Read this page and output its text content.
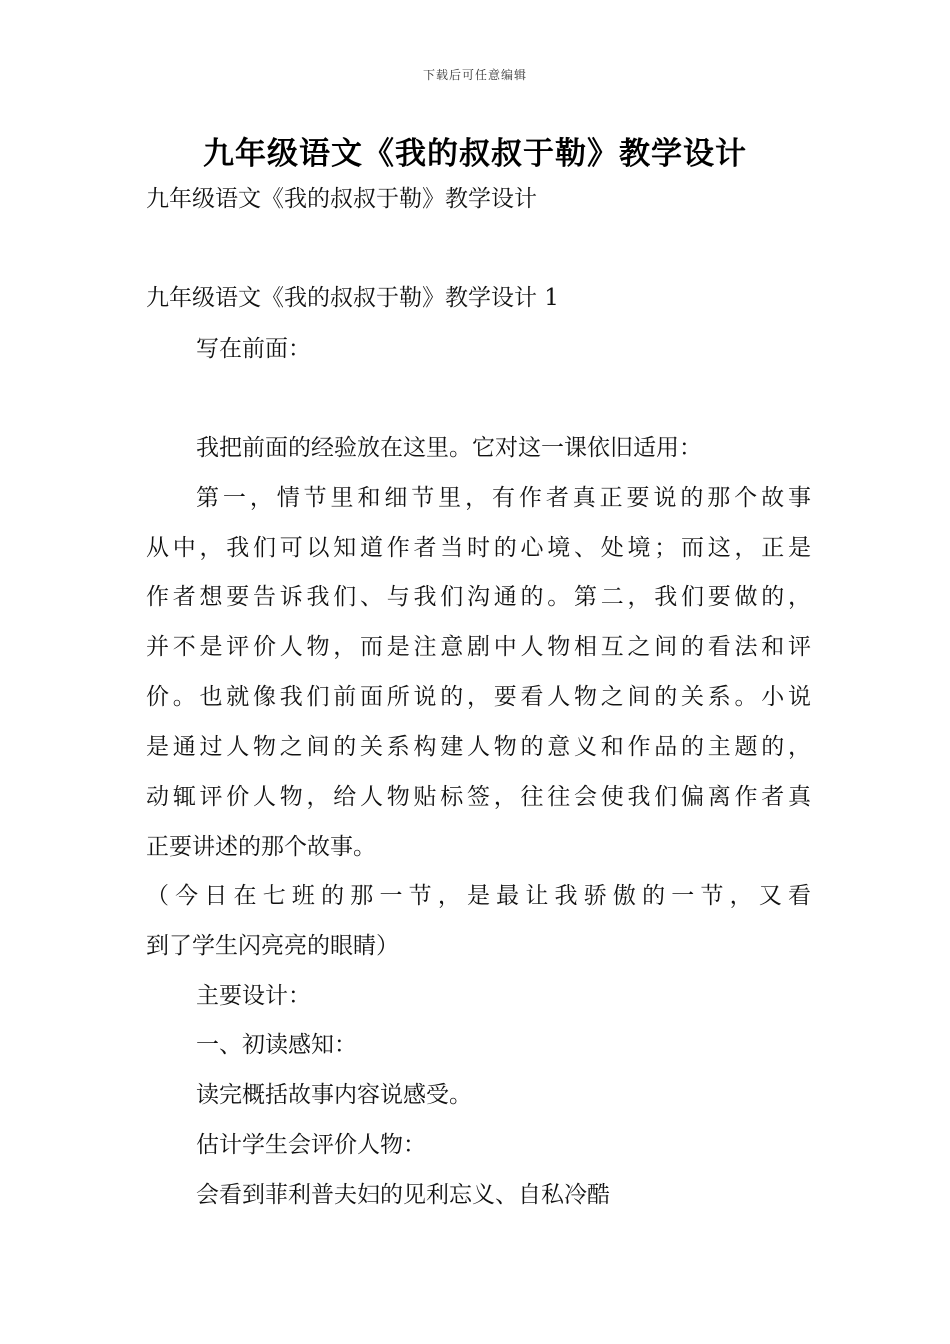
下载后可任意编辑
九年级语文《我的叔叔于勒》教学设计

九年级语文《我的叔叔于勒》教学设计

九年级语文《我的叔叔于勒》教学设计 1

写在前面：

我把前面的经验放在这里。它对这一课依旧适用：

第一，情节里和细节里，有作者真正要说的那个故事

从中，我们可以知道作者当时的心境、处境；而这，正是

作者想要告诉我们、与我们沟通的。第二，我们要做的，

并不是评价人物，而是注意剧中人物相互之间的看法和评

价。也就像我们前面所说的，要看人物之间的关系。小说

是通过人物之间的关系构建人物的意义和作品的主题的，

动辄评价人物，给人物贴标签，往往会使我们偏离作者真

正要讲述的那个故事。

（今日在七班的那一节，是最让我骄傲的一节，又看

到了学生闪亮亮的眼睛）

主要设计：

一、初读感知：

读完概括故事内容说感受。

估计学生会评价人物：

会看到菲利普夫妇的见利忘义、自私冷酷
